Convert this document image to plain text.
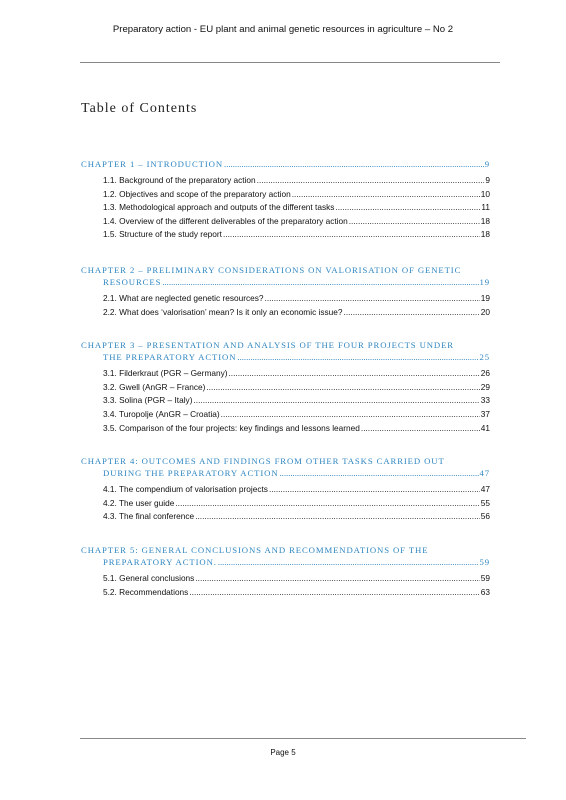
Preparatory action - EU plant and animal genetic resources in agriculture – No 2
Table of Contents
CHAPTER 1 – INTRODUCTION .....	9
1.1. Background of the preparatory action .....	9
1.2. Objectives and scope of the preparatory action .....	10
1.3. Methodological approach and outputs of the different tasks .....	11
1.4. Overview of the different deliverables of the preparatory action .....	18
1.5. Structure of the study report .....	18
CHAPTER 2 – PRELIMINARY CONSIDERATIONS ON VALORISATION OF GENETIC
RESOURCES .....	19
2.1. What are neglected genetic resources? .....	19
2.2. What does ‘valorisation’ mean? Is it only an economic issue? .....	20
CHAPTER 3 – PRESENTATION AND ANALYSIS OF THE FOUR PROJECTS UNDER
THE PREPARATORY ACTION .....	25
3.1. Filderkraut (PGR – Germany) .....	26
3.2. Gwell (AnGR – France) .....	29
3.3. Solina (PGR – Italy) .....	33
3.4. Turopolje (AnGR – Croatia) .....	37
3.5. Comparison of the four projects: key findings and lessons learned .....	41
CHAPTER 4: OUTCOMES AND FINDINGS FROM OTHER TASKS CARRIED OUT
DURING THE PREPARATORY ACTION .....	47
4.1. The compendium of valorisation projects .....	47
4.2. The user guide .....	55
4.3. The final conference .....	56
CHAPTER 5: GENERAL CONCLUSIONS AND RECOMMENDATIONS OF THE
PREPARATORY ACTION. .....	59
5.1. General conclusions .....	59
5.2. Recommendations .....	63
Page 5
